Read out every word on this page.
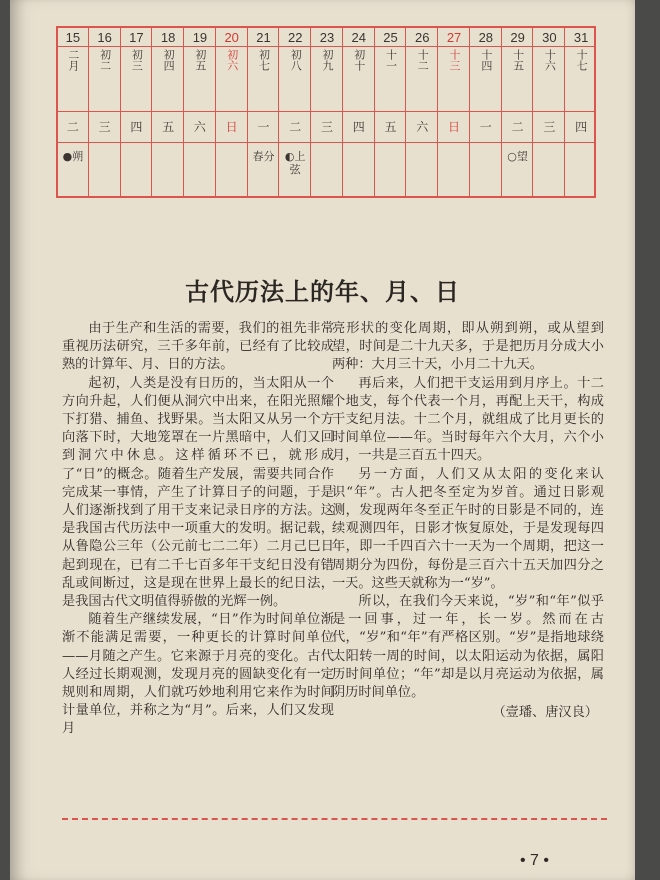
15
二月
二
●朔
16
初二
三
17
初三
四
18
初四
五
19
初五
六
20
初六
日
21
初七
一
春分
22
初八
二
◐上弦
23
初九
三
24
初十
四
25
十一
五
26
十二
六
27
十三
日
28
十四
一
29
十五
二
○望
30
十六
三
31
十七
四
古代历法上的年、月、日

由于生产和生活的需要，我们的祖先非常重视历法研究，三千多年前，已经有了比较成熟的计算年、月、日的方法。

起初，人类是没有日历的，当太阳从一个方向升起，人们便从洞穴中出来，在阳光照耀下打猎、捕鱼、找野果。当太阳又从另一个方向落下时，大地笼罩在一片黑暗中，人们又回到洞穴中休息。这样循环不已，就形成了“日”的概念。随着生产发展，需要共同合作完成某一事情，产生了计算日子的问题，于是人们逐渐找到了用干支来记录日序的方法。这是我国古代历法中一项重大的发明。据记载，从鲁隐公三年（公元前七二二年）二月己巳日起到现在，已有二千七百多年干支纪日没有错乱或间断过，这是现在世界上最长的纪日法，是我国古代文明值得骄傲的光辉一例。

随着生产继续发展，“日”作为时间单位渐渐不能满足需要，一种更长的计算时间单位——月随之产生。它来源于月亮的变化。古代人经过长期观测，发现月亮的圆缺变化有一定规则和周期，人们就巧妙地利用它来作为时间计量单位，并称之为“月”。后来，人们又发现月

亮形状的变化周期，即从朔到朔，或从望到望，时间是二十九天多，于是把历月分成大小两种：大月三十天，小月二十九天。

再后来，人们把干支运用到月序上。十二个地支，每个代表一个月，再配上天干，构成干支纪月法。十二个月，就组成了比月更长的时间单位——年。当时每年六个大月，六个小月，一共是三百五十四天。

另一方面，人们又从太阳的变化来认识“年”。古人把冬至定为岁首。通过日影观测，发现两年冬至正午时的日影是不同的，连续观测四年，日影才恢复原处，于是发现每四年，即一千四百六十一天为一个周期，把这一周期分为四份，每份是三百六十五天加四分之一天。这些天就称为一“岁”。

所以，在我们今天来说，“岁”和“年”似乎是一回事，过一年，长一岁。然而在古代，“岁”和“年”有严格区别。“岁”是指地球绕太阳转一周的时间，以太阳运动为依据，属阳历时间单位；“年”却是以月亮运动为依据，属阴历时间单位。

（壹璠、唐汉良）

• 7 •
